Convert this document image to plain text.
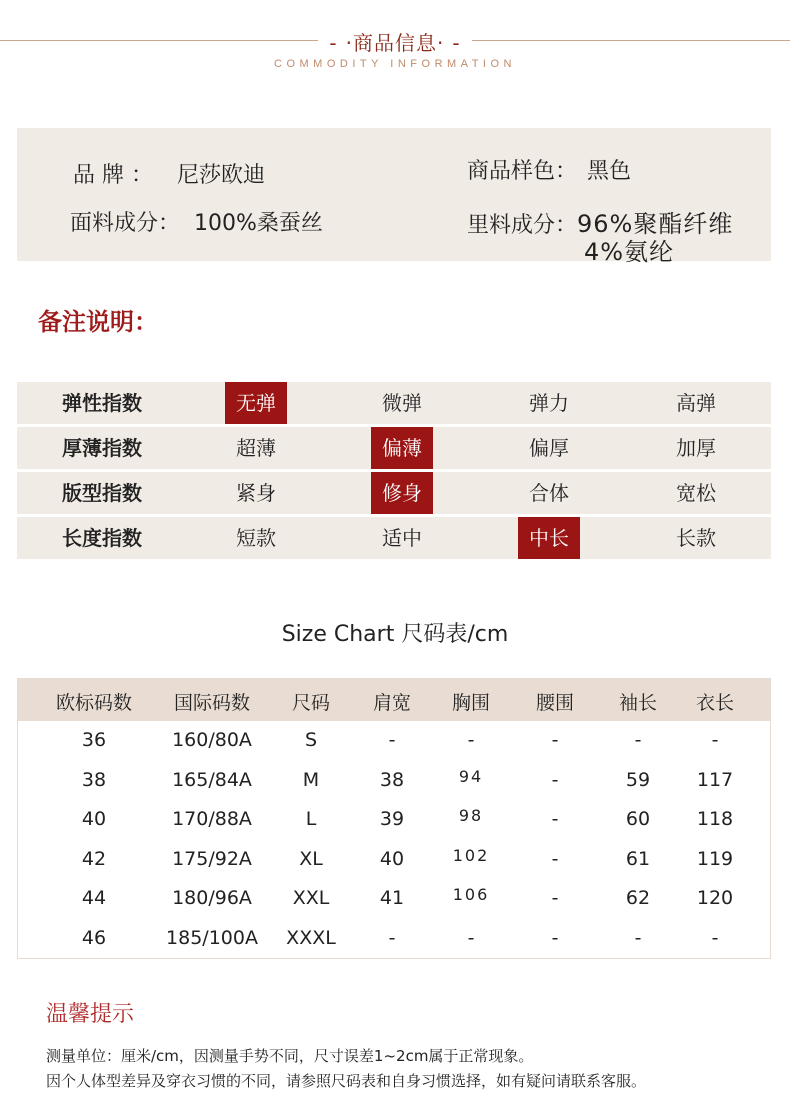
- ·商品信息· -
COMMODITY INFORMATION
品 牌 ： 尼莎欧迪
面料成分： 100%桑蚕丝
商品样色： 黑色
里料成分：96%聚酯纤维
4%氨纶
备注说明：
弹性指数	无弹	微弹	弹力	高弹
厚薄指数	超薄	偏薄	偏厚	加厚
版型指数	紧身	修身	合体	宽松
长度指数	短款	适中	中长	长款
Size Chart 尺码表/cm
欧标码数	国际码数	尺码	肩宽	胸围	腰围	袖长	衣长
36	160/80A	S	-	-	-	-	-
38	165/84A	M	38	94	-	59	117
40	170/88A	L	39	98	-	60	118
42	175/92A	XL	40	102	-	61	119
44	180/96A	XXL	41	106	-	62	120
46	185/100A	XXXL	-	-	-	-	-
温馨提示
测量单位：厘米/cm，因测量手势不同，尺寸误差1~2cm属于正常现象。
因个人体型差异及穿衣习惯的不同，请参照尺码表和自身习惯选择，如有疑问请联系客服。
